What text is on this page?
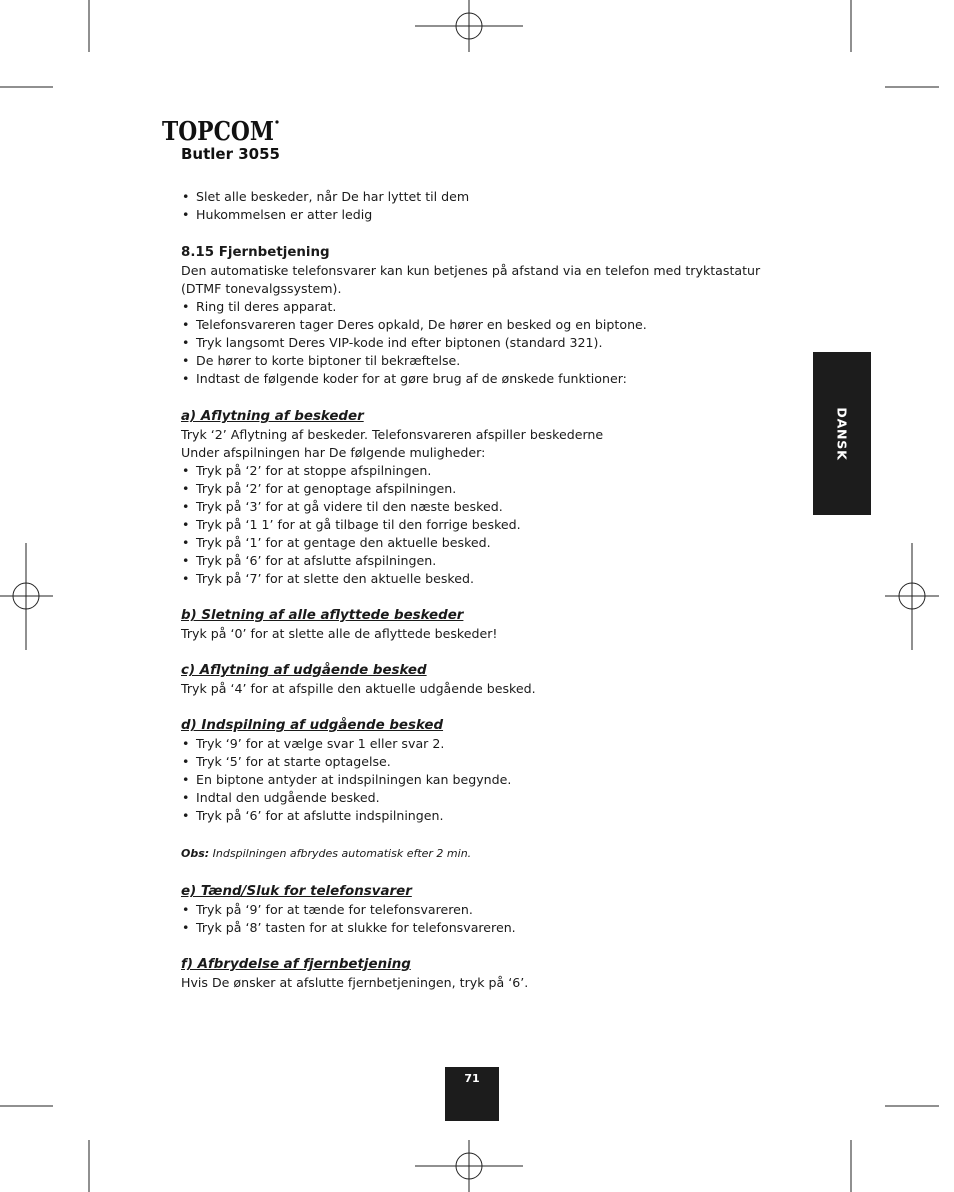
TOPCOM
Butler 3055
• Slet alle beskeder, når De har lyttet til dem
• Hukommelsen er atter ledig
8.15 Fjernbetjening

Den automatiske telefonsvarer kan kun betjenes på afstand via en telefon med tryktastatur

(DTMF tonevalgssystem).

• Ring til deres apparat.
• Telefonsvareren tager Deres opkald, De hører en besked og en biptone.
• Tryk langsomt Deres VIP-kode ind efter biptonen (standard 321).
• De hører to korte biptoner til bekræftelse.
• Indtast de følgende koder for at gøre brug af de ønskede funktioner:
a) Aflytning af beskeder

Tryk ‘2’ Aflytning af beskeder. Telefonsvareren afspiller beskederne

Under afspilningen har De følgende muligheder:

• Tryk på ‘2’ for at stoppe afspilningen.
• Tryk på ‘2’ for at genoptage afspilningen.
• Tryk på ‘3’ for at gå videre til den næste besked.
• Tryk på ‘1 1’ for at gå tilbage til den forrige besked.
• Tryk på ‘1’ for at gentage den aktuelle besked.
• Tryk på ‘6’ for at afslutte afspilningen.
• Tryk på ‘7’ for at slette den aktuelle besked.
b) Sletning af alle aflyttede beskeder

Tryk på ‘0’ for at slette alle de aflyttede beskeder!

c) Aflytning af udgående besked

Tryk på ‘4’ for at afspille den aktuelle udgående besked.

d) Indspilning af udgående besked
• Tryk ‘9’ for at vælge svar 1 eller svar 2.
• Tryk ‘5’ for at starte optagelse.
• En biptone antyder at indspilningen kan begynde.
• Indtal den udgående besked.
• Tryk på ‘6’ for at afslutte indspilningen.

Obs: Indspilningen afbrydes automatisk efter 2 min.

e) Tænd/Sluk for telefonsvarer
• Tryk på ‘9’ for at tænde for telefonsvareren.
• Tryk på ‘8’ tasten for at slukke for telefonsvareren.
f) Afbrydelse af fjernbetjening

Hvis De ønsker at afslutte fjernbetjeningen, tryk på ‘6’.

DANSK
71
